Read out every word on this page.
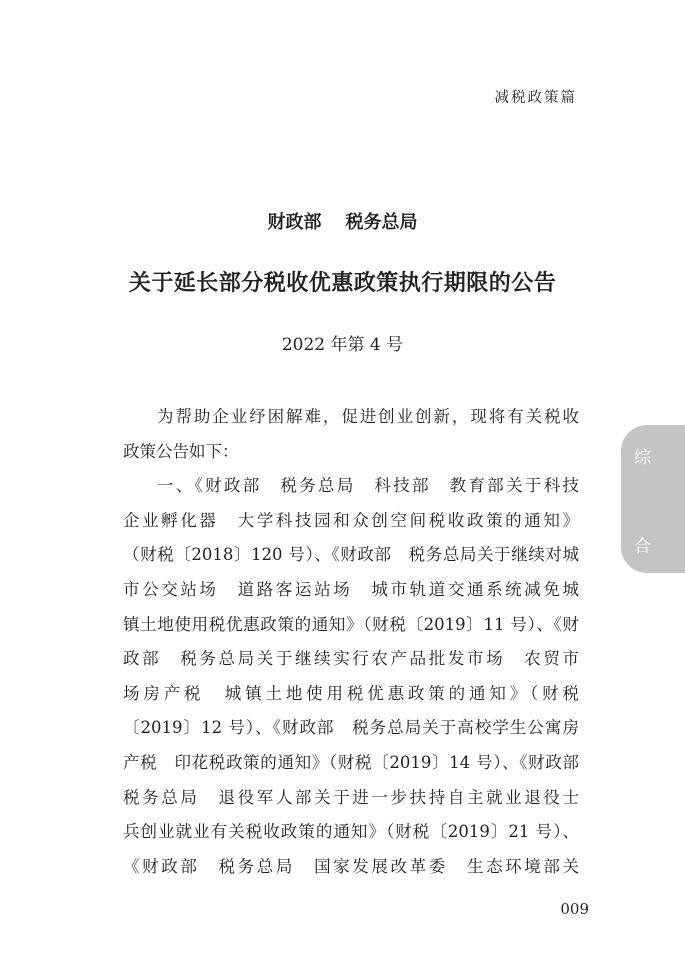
减税政策篇
财政部 税务总局
关于延长部分税收优惠政策执行期限的公告
2022 年第 4 号
为帮助企业纾困解难，促进创业创新，现将有关税收
政策公告如下：
一、《财政部　税务总局　科技部　教育部关于科技
企业孵化器　大学科技园和众创空间税收政策的通知》
（财税〔2018〕120 号）、《财政部　税务总局关于继续对城
市公交站场　道路客运站场　城市轨道交通系统减免城
镇土地使用税优惠政策的通知》（财税〔2019〕11 号）、《财
政部　税务总局关于继续实行农产品批发市场　农贸市
场房产税　城镇土地使用税优惠政策的通知》（财税
〔2019〕12 号）、《财政部　税务总局关于高校学生公寓房
产税　印花税政策的通知》（财税〔2019〕14 号）、《财政部
税务总局　退役军人部关于进一步扶持自主就业退役士
兵创业就业有关税收政策的通知》（财税〔2019〕21 号）、
《财政部　税务总局　国家发展改革委　生态环境部关
综
合
009
